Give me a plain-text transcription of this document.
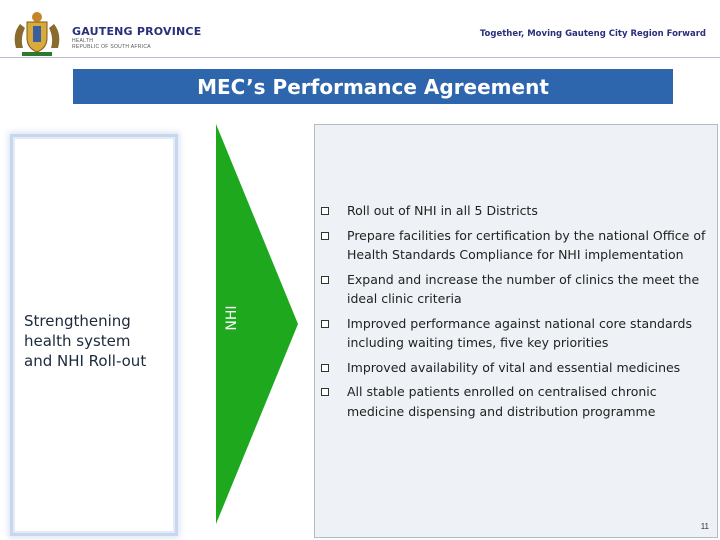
GAUTENG PROVINCE
HEALTH
REPUBLIC OF SOUTH AFRICA
Together, Moving Gauteng City Region Forward
MEC’s Performance Agreement
Strengthening
health system
and NHI Roll-out
NHI
Roll out of NHI in all 5 Districts
Prepare facilities for certification by the national Office of Health Standards Compliance for NHI implementation
Expand and increase the number of clinics the meet the ideal clinic criteria
Improved performance against national core standards including waiting times, five key priorities
Improved availability of vital and essential medicines
All stable patients enrolled on centralised chronic medicine dispensing and distribution programme
11
